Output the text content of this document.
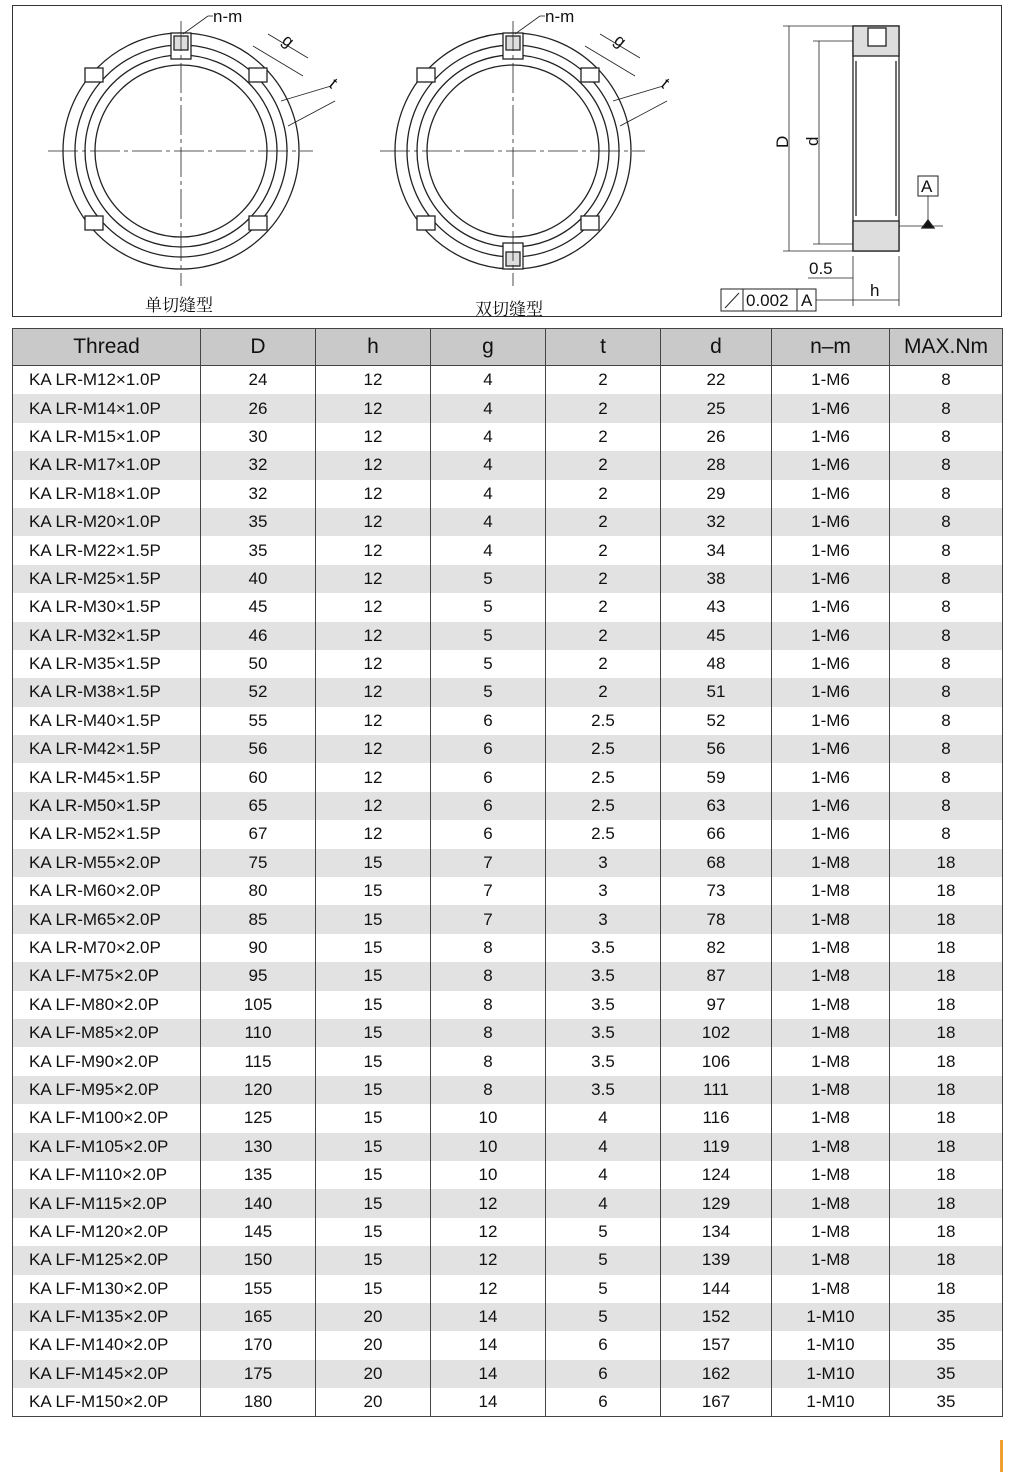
n-m
g
t
n-m
g
t
D d
A
0.5
h
0.002 A
单切缝型	双切缝型
Thread	D	h	g	t	d	n–m	MAX.Nm
KA LR-M12×1.0P	24	12	4	2	22	1-M6	8
KA LR-M14×1.0P	26	12	4	2	25	1-M6	8
KA LR-M15×1.0P	30	12	4	2	26	1-M6	8
KA LR-M17×1.0P	32	12	4	2	28	1-M6	8
KA LR-M18×1.0P	32	12	4	2	29	1-M6	8
KA LR-M20×1.0P	35	12	4	2	32	1-M6	8
KA LR-M22×1.5P	35	12	4	2	34	1-M6	8
KA LR-M25×1.5P	40	12	5	2	38	1-M6	8
KA LR-M30×1.5P	45	12	5	2	43	1-M6	8
KA LR-M32×1.5P	46	12	5	2	45	1-M6	8
KA LR-M35×1.5P	50	12	5	2	48	1-M6	8
KA LR-M38×1.5P	52	12	5	2	51	1-M6	8
KA LR-M40×1.5P	55	12	6	2.5	52	1-M6	8
KA LR-M42×1.5P	56	12	6	2.5	56	1-M6	8
KA LR-M45×1.5P	60	12	6	2.5	59	1-M6	8
KA LR-M50×1.5P	65	12	6	2.5	63	1-M6	8
KA LR-M52×1.5P	67	12	6	2.5	66	1-M6	8
KA LR-M55×2.0P	75	15	7	3	68	1-M8	18
KA LR-M60×2.0P	80	15	7	3	73	1-M8	18
KA LR-M65×2.0P	85	15	7	3	78	1-M8	18
KA LR-M70×2.0P	90	15	8	3.5	82	1-M8	18
KA LF-M75×2.0P	95	15	8	3.5	87	1-M8	18
KA LF-M80×2.0P	105	15	8	3.5	97	1-M8	18
KA LF-M85×2.0P	110	15	8	3.5	102	1-M8	18
KA LF-M90×2.0P	115	15	8	3.5	106	1-M8	18
KA LF-M95×2.0P	120	15	8	3.5	111	1-M8	18
KA LF-M100×2.0P	125	15	10	4	116	1-M8	18
KA LF-M105×2.0P	130	15	10	4	119	1-M8	18
KA LF-M110×2.0P	135	15	10	4	124	1-M8	18
KA LF-M115×2.0P	140	15	12	4	129	1-M8	18
KA LF-M120×2.0P	145	15	12	5	134	1-M8	18
KA LF-M125×2.0P	150	15	12	5	139	1-M8	18
KA LF-M130×2.0P	155	15	12	5	144	1-M8	18
KA LF-M135×2.0P	165	20	14	5	152	1-M10	35
KA LF-M140×2.0P	170	20	14	6	157	1-M10	35
KA LF-M145×2.0P	175	20	14	6	162	1-M10	35
KA LF-M150×2.0P	180	20	14	6	167	1-M10	35
